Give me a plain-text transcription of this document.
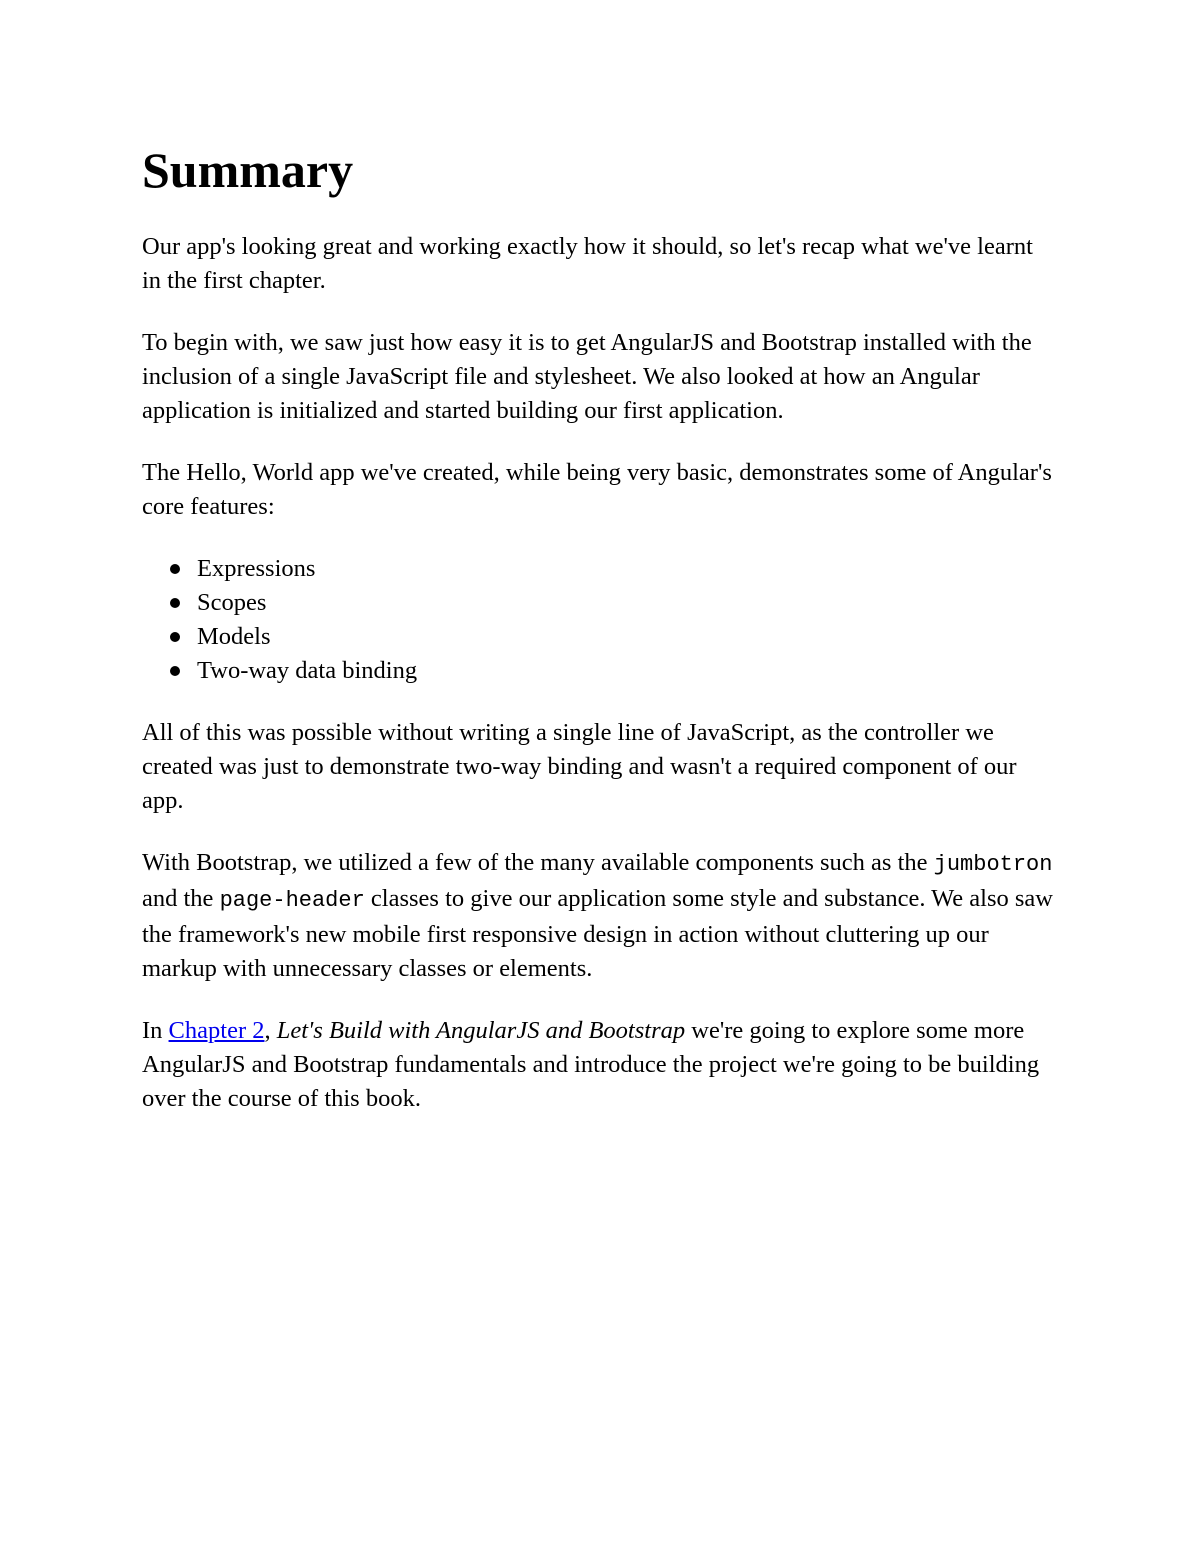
Summary

Our app's looking great and working exactly how it should, so let's recap what we've learnt in the first chapter.

To begin with, we saw just how easy it is to get AngularJS and Bootstrap installed with the inclusion of a single JavaScript file and stylesheet. We also looked at how an Angular application is initialized and started building our first application.

The Hello, World app we've created, while being very basic, demonstrates some of Angular's core features:

Expressions
Scopes
Models
Two-way data binding

All of this was possible without writing a single line of JavaScript, as the controller we created was just to demonstrate two-way binding and wasn't a required component of our app.

With Bootstrap, we utilized a few of the many available components such as the jumbotron and the page-header classes to give our application some style and substance. We also saw the framework's new mobile first responsive design in action without cluttering up our markup with unnecessary classes or elements.

In Chapter 2, Let's Build with AngularJS and Bootstrap we're going to explore some more AngularJS and Bootstrap fundamentals and introduce the project we're going to be building over the course of this book.
